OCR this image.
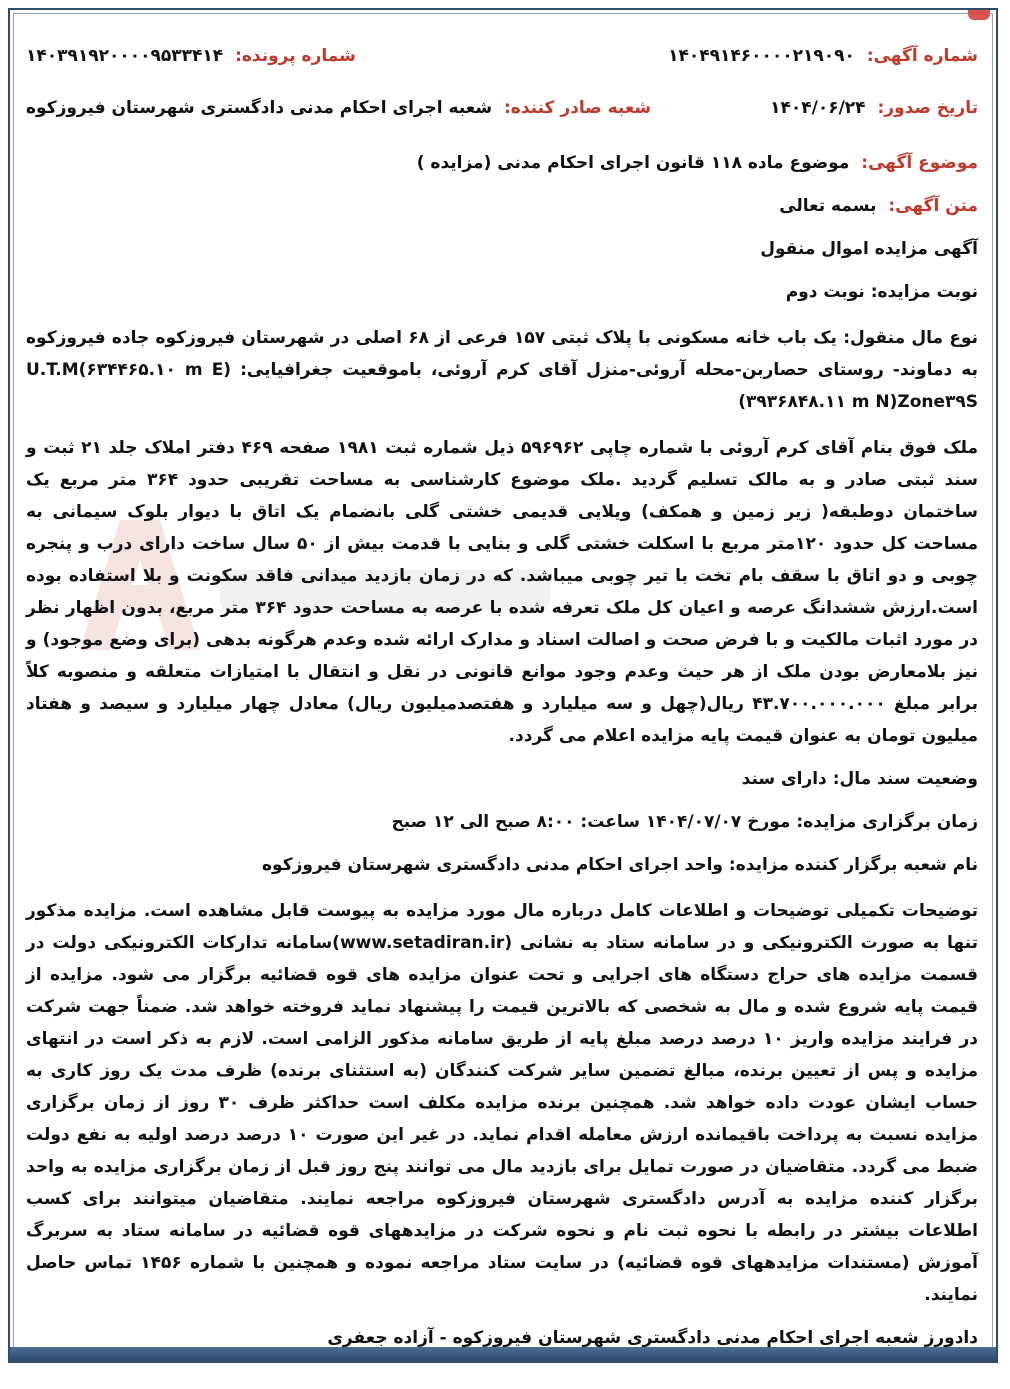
شماره آگهی: ۱۴۰۴۹۱۴۶۰۰۰۰۲۱۹۰۹۰
شماره پرونده: ۱۴۰۳۹۱۹۲۰۰۰۰۹۵۳۳۴۱۴
تاریخ صدور: ۱۴۰۴/۰۶/۲۴
شعبه صادر کننده: شعبه اجرای احکام مدنی دادگستری شهرستان فیروزکوه
موضوع آگهی: موضوع ماده ۱۱۸ قانون اجرای احکام مدنی (مزایده )
متن آگهی: بسمه تعالی
آگهی مزایده اموال منقول
نوبت مزایده: نوبت دوم
نوع مال منقول: یک باب خانه مسکونی با پلاک ثبتی ۱۵۷ فرعی از ۶۸ اصلی در شهرستان فیروزکوه جاده فیروزکوه به دماوند- روستای حصاربن-محله آروئی-منزل آقای کرم آروئی، باموقعیت جغرافیایی: U.T.M(۶۳۴۴۶۵.۱۰ m E)(۳۹۳۶۸۴۸.۱۱ m N)Zone۳۹S
ملک فوق بنام آقای کرم آروئی با شماره چاپی ۵۹۶۹۶۲ ذیل شماره ثبت ۱۹۸۱ صفحه ۴۶۹ دفتر املاک جلد ۲۱ ثبت و سند ثبتی صادر و به مالک تسلیم گردید .ملک موضوع کارشناسی به مساحت تقریبی حدود ۳۶۴ متر مربع یک ساختمان دوطبقه( زیر زمین و همکف) ویلایی قدیمی خشتی گلی بانضمام یک اتاق با دیوار بلوک سیمانی به مساحت کل حدود ۱۲۰متر مربع با اسکلت خشتی گلی و بنایی با قدمت بیش از ۵۰ سال ساخت دارای درب و پنجره چوبی و دو اتاق با سقف بام تخت با تیر چوبی میباشد. که در زمان بازدید میدانی فاقد سکونت و بلا استفاده بوده است.ارزش ششدانگ عرصه و اعیان کل ملک تعرفه شده با عرصه به مساحت حدود ۳۶۴ متر مربع، بدون اظهار نظر در مورد اثبات مالکیت و با فرض صحت و اصالت اسناد و مدارک ارائه شده وعدم هرگونه بدهی (برای وضع موجود) و نیز بلامعارض بودن ملک از هر حیث وعدم وجود موانع قانونی در نقل و انتقال با امتیازات متعلقه و منصوبه کلاً برابر مبلغ ۴۳.۷۰۰.۰۰۰.۰۰۰ ریال(چهل و سه میلیارد و هفتصدمیلیون ریال) معادل چهار میلیارد و سیصد و هفتاد میلیون تومان به عنوان قیمت پایه مزایده اعلام می گردد.
وضعیت سند مال: دارای سند
زمان برگزاری مزایده: مورخ ۱۴۰۴/۰۷/۰۷ ساعت: ۸:۰۰ صبح الی ۱۲ صبح
نام شعبه برگزار کننده مزایده: واحد اجرای احکام مدنی دادگستری شهرستان فیروزکوه
توضیحات تکمیلی توضیحات و اطلاعات کامل درباره مال مورد مزایده به پیوست قابل مشاهده است. مزایده مذکور تنها به صورت الکترونیکی و در سامانه ستاد به نشانی (www.setadiran.ir)سامانه تدارکات الکترونیکی دولت در قسمت مزایده های حراج دستگاه های اجرایی و تحت عنوان مزایده های قوه قضائیه برگزار می شود. مزایده از قیمت پایه شروع شده و مال به شخصی که بالاترین قیمت را پیشنهاد نماید فروخته خواهد شد. ضمناً جهت شرکت در فرایند مزایده واریز ۱۰ درصد درصد مبلغ پایه از طریق سامانه مذکور الزامی است. لازم به ذکر است در انتهای مزایده و پس از تعیین برنده، مبالغ تضمین سایر شرکت کنندگان (به استثنای برنده) ظرف مدت یک روز کاری به حساب ایشان عودت داده خواهد شد. همچنین برنده مزایده مکلف است حداکثر ظرف ۳۰ روز از زمان برگزاری مزایده نسبت به پرداخت باقیمانده ارزش معامله اقدام نماید. در غیر این صورت ۱۰ درصد درصد اولیه به نفع دولت ضبط می گردد. متقاضیان در صورت تمایل برای بازدید مال می توانند پنج روز قبل از زمان برگزاری مزایده به واحد برگزار کننده مزایده به آدرس دادگستری شهرستان فیروزکوه مراجعه نمایند. متقاضیان میتوانند برای کسب اطلاعات بیشتر در رابطه با نحوه ثبت نام و نحوه شرکت در مزایدههای قوه قضائیه در سامانه ستاد به سربرگ آموزش (مستندات مزایدههای قوه قضائیه) در سایت ستاد مراجعه نموده و همچنین با شماره ۱۴۵۶ تماس حاصل نمایند.
دادورز شعبه اجرای احکام مدنی دادگستری شهرستان فیروزکوه - آزاده جعفری
